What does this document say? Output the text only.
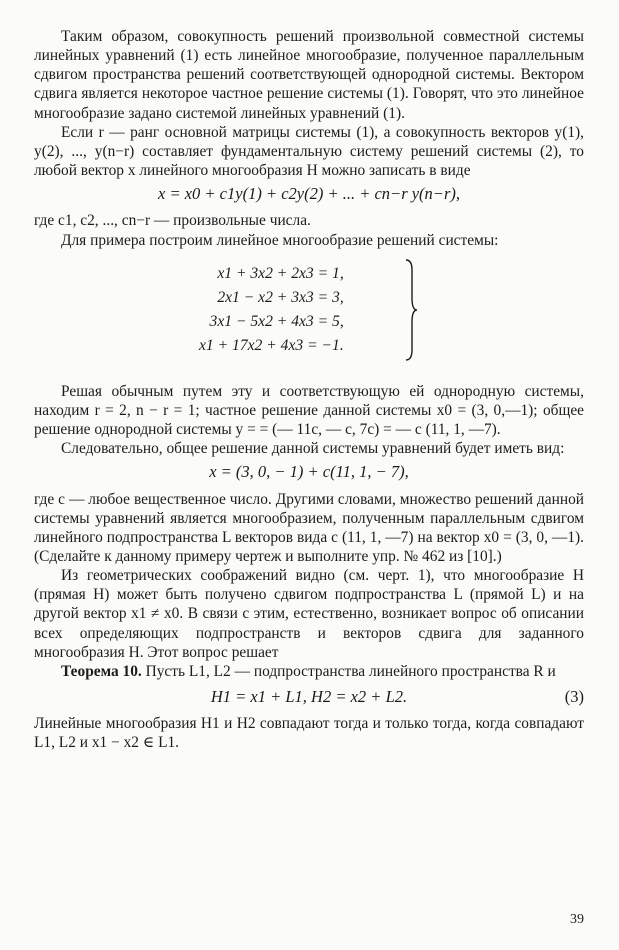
Таким образом, совокупность решений произвольной совместной системы линейных уравнений (1) есть линейное многообразие, полученное параллельным сдвигом пространства решений соответствующей однородной системы. Вектором сдвига является некоторое частное решение системы (1). Говорят, что это линейное многообразие задано системой линейных уравнений (1).

Если r — ранг основной матрицы системы (1), а совокупность векторов y(1), y(2), ..., y(n−r) составляет фундаментальную систему решений системы (2), то любой вектор x линейного многообразия H можно записать в виде

x = x0 + c1y(1) + c2y(2) + ... + cn−r y(n−r),

где c1, c2, ..., cn−r — произвольные числа.

Для примера построим линейное многообразие решений системы:

x1 + 3x2 + 2x3 = 1,
2x1 − x2 + 3x3 = 3,
3x1 − 5x2 + 4x3 = 5,
x1 + 17x2 + 4x3 = −1.

Решая обычным путем эту и соответствующую ей однородную системы, находим r = 2, n − r = 1; частное решение данной системы x0 = (3, 0,—1); общее решение однородной системы y = = (— 11c, — c, 7c) = — c (11, 1, —7).

Следовательно, общее решение данной системы уравнений будет иметь вид:

x = (3, 0, − 1) + c(11, 1, − 7),

где c — любое вещественное число. Другими словами, множество решений данной системы уравнений является многообразием, полученным параллельным сдвигом линейного подпространства L векторов вида c (11, 1, —7) на вектор x0 = (3, 0, —1). (Сделайте к данному примеру чертеж и выполните упр. № 462 из [10].)

Из геометрических соображений видно (см. черт. 1), что многообразие H (прямая H) может быть получено сдвигом подпространства L (прямой L) и на другой вектор x1 ≠ x0. В связи с этим, естественно, возникает вопрос об описании всех определяющих подпространств и векторов сдвига для заданного многообразия H. Этот вопрос решает

Теорема 10. Пусть L1, L2 — подпространства линейного пространства R и

H1 = x1 + L1, H2 = x2 + L2.	(3)

Линейные многообразия H1 и H2 совпадают тогда и только тогда, когда совпадают L1, L2 и x1 − x2 ∈ L1.

39
